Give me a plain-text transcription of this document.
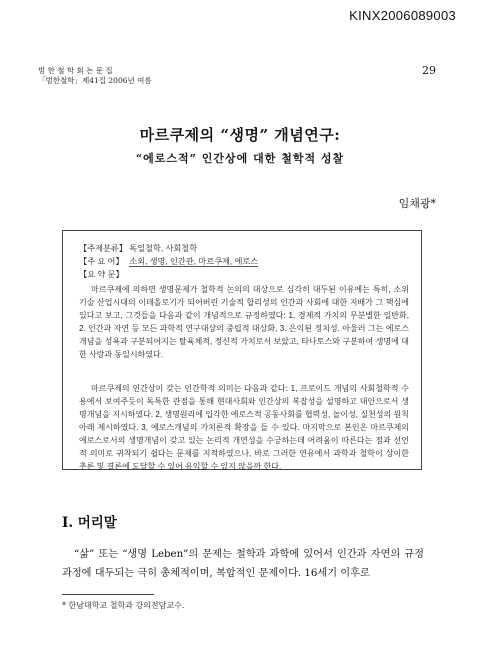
KINX2006089003
범 한 철 학 회 논 문 집
「범한철학」제41집 2006년 여름
29
마르쿠제의 “생명” 개념연구:
“에로스적” 인간상에 대한 철학적 성찰
임채광*
【주제분류】 독일철학, 사회철학
【주 요 어】 소외, 생명, 인간관, 마르쿠제, 에로스
【요 약 문】
마르쿠제에 의하면 생명문제가 철학적 논의의 대상으로 심각히 대두된 이유에는 특히, 소위 기술 산업시대의 이데올로기가 되어버린 기술적 합리성의 인간과 사회에 대한 지배가 그 핵심에 있다고 보고, 그것들을 다음과 같이 개념적으로 규정하였다: 1, 경제적 가치의 무분별한 일반화, 2. 인간과 자연 등 모든 과학적 연구대상의 중립적 대상화, 3. 은익된 정치성. 아울러 그는 에로스 개념을 성욕과 구분되어지는 탈육체적, 정신적 가치로서 보았고, 타나토스와 구분하여 생명에 대한 사랑과 동일시하였다.
마르쿠제의 인간상이 갖는 인간학적 의미는 다음과 같다: 1, 프로이드 개념의 사회철학적 수용에서 보여주듯이 독특한 관점을 통해 현대사회와 인간상의 복잡성을 설명하고 대안으로서 생명개념을 지시하였다. 2, 생명원리에 입각한 에로스적 공동사회를 협력성, 놀이성, 실천성의 원칙아래 제시하였다. 3, 에로스개념의 가치론적 확장을 들 수 있다. 마지막으로 본인은 마르쿠제의 에로스로서의 생명개념이 갖고 있는 논리적 개연성을 수긍하는데 어려움이 따른다는 점과 선언적 의미로 귀착되기 쉽다는 문제를 지적하였으나, 바로 그러한 연유에서 과학과 철학이 상이한 추론 및 결론에 도달할 수 있어 유익할 수 있지 않을까 한다.
I. 머리말
“삶” 또는 “생명 Leben”의 문제는 철학과 과학에 있어서 인간과 자연의 규정과정에 대두되는 극히 총체적이며, 복합적인 문제이다. 16세기 이후로
* 한남대학교 철학과 강의전담교수.
